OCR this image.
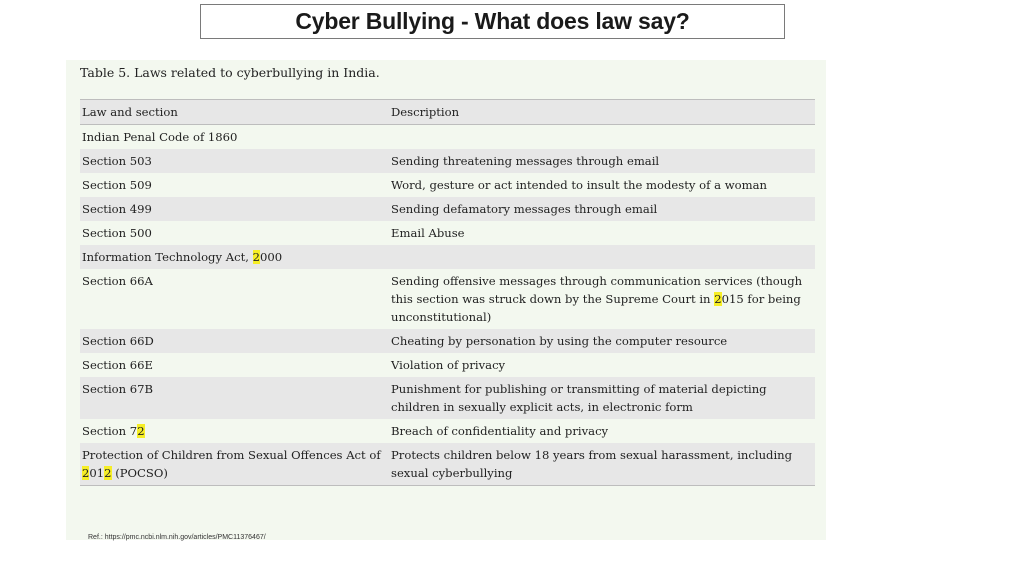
Cyber Bullying - What does law say?
Table 5. Laws related to cyberbullying in India.
Law and section	Description
Indian Penal Code of 1860	
Section 503	Sending threatening messages through email
Section 509	Word, gesture or act intended to insult the modesty of a woman
Section 499	Sending defamatory messages through email
Section 500	Email Abuse
Information Technology Act, 2000	
Section 66A	Sending offensive messages through communication services (though this section was struck down by the Supreme Court in 2015 for being unconstitutional)
Section 66D	Cheating by personation by using the computer resource
Section 66E	Violation of privacy
Section 67B	Punishment for publishing or transmitting of material depicting children in sexually explicit acts, in electronic form
Section 72	Breach of confidentiality and privacy
Protection of Children from Sexual Offences Act of 2012 (POCSO)	Protects children below 18 years from sexual harassment, including sexual cyberbullying
Ref.: https://pmc.ncbi.nlm.nih.gov/articles/PMC11376467/
